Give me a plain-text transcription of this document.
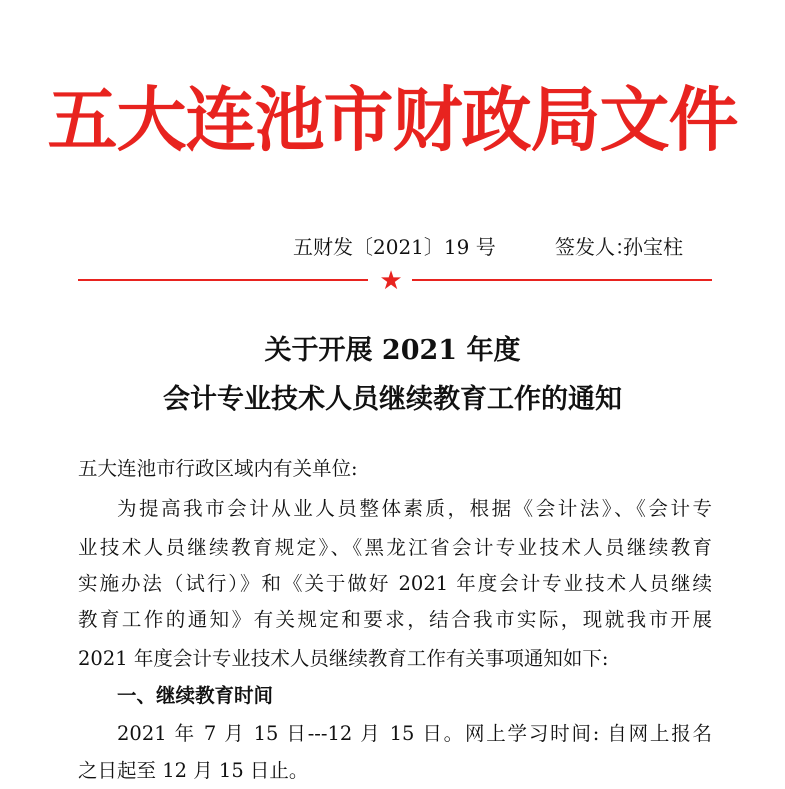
五大连池市财政局文件
五财发〔2021〕19 号	签发人：
孙宝柱
★
关于开展 2021 年度
会计专业技术人员继续教育工作的通知
五大连池市行政区域内有关单位:
为提高我市会计从业人员整体素质，根据《会计法》、《会计专
业技术人员继续教育规定》、《黑龙江省会计专业技术人员继续教育
实施办法（试行）》和《关于做好 2021 年度会计专业技术人员继续
教育工作的通知》有关规定和要求，结合我市实际，现就我市开展
2021 年度会计专业技术人员继续教育工作有关事项通知如下:
一、继续教育时间
2021 年 7 月 15 日---12 月 15 日。网上学习时间: 自网上报名
之日起至 12 月 15 日止。
